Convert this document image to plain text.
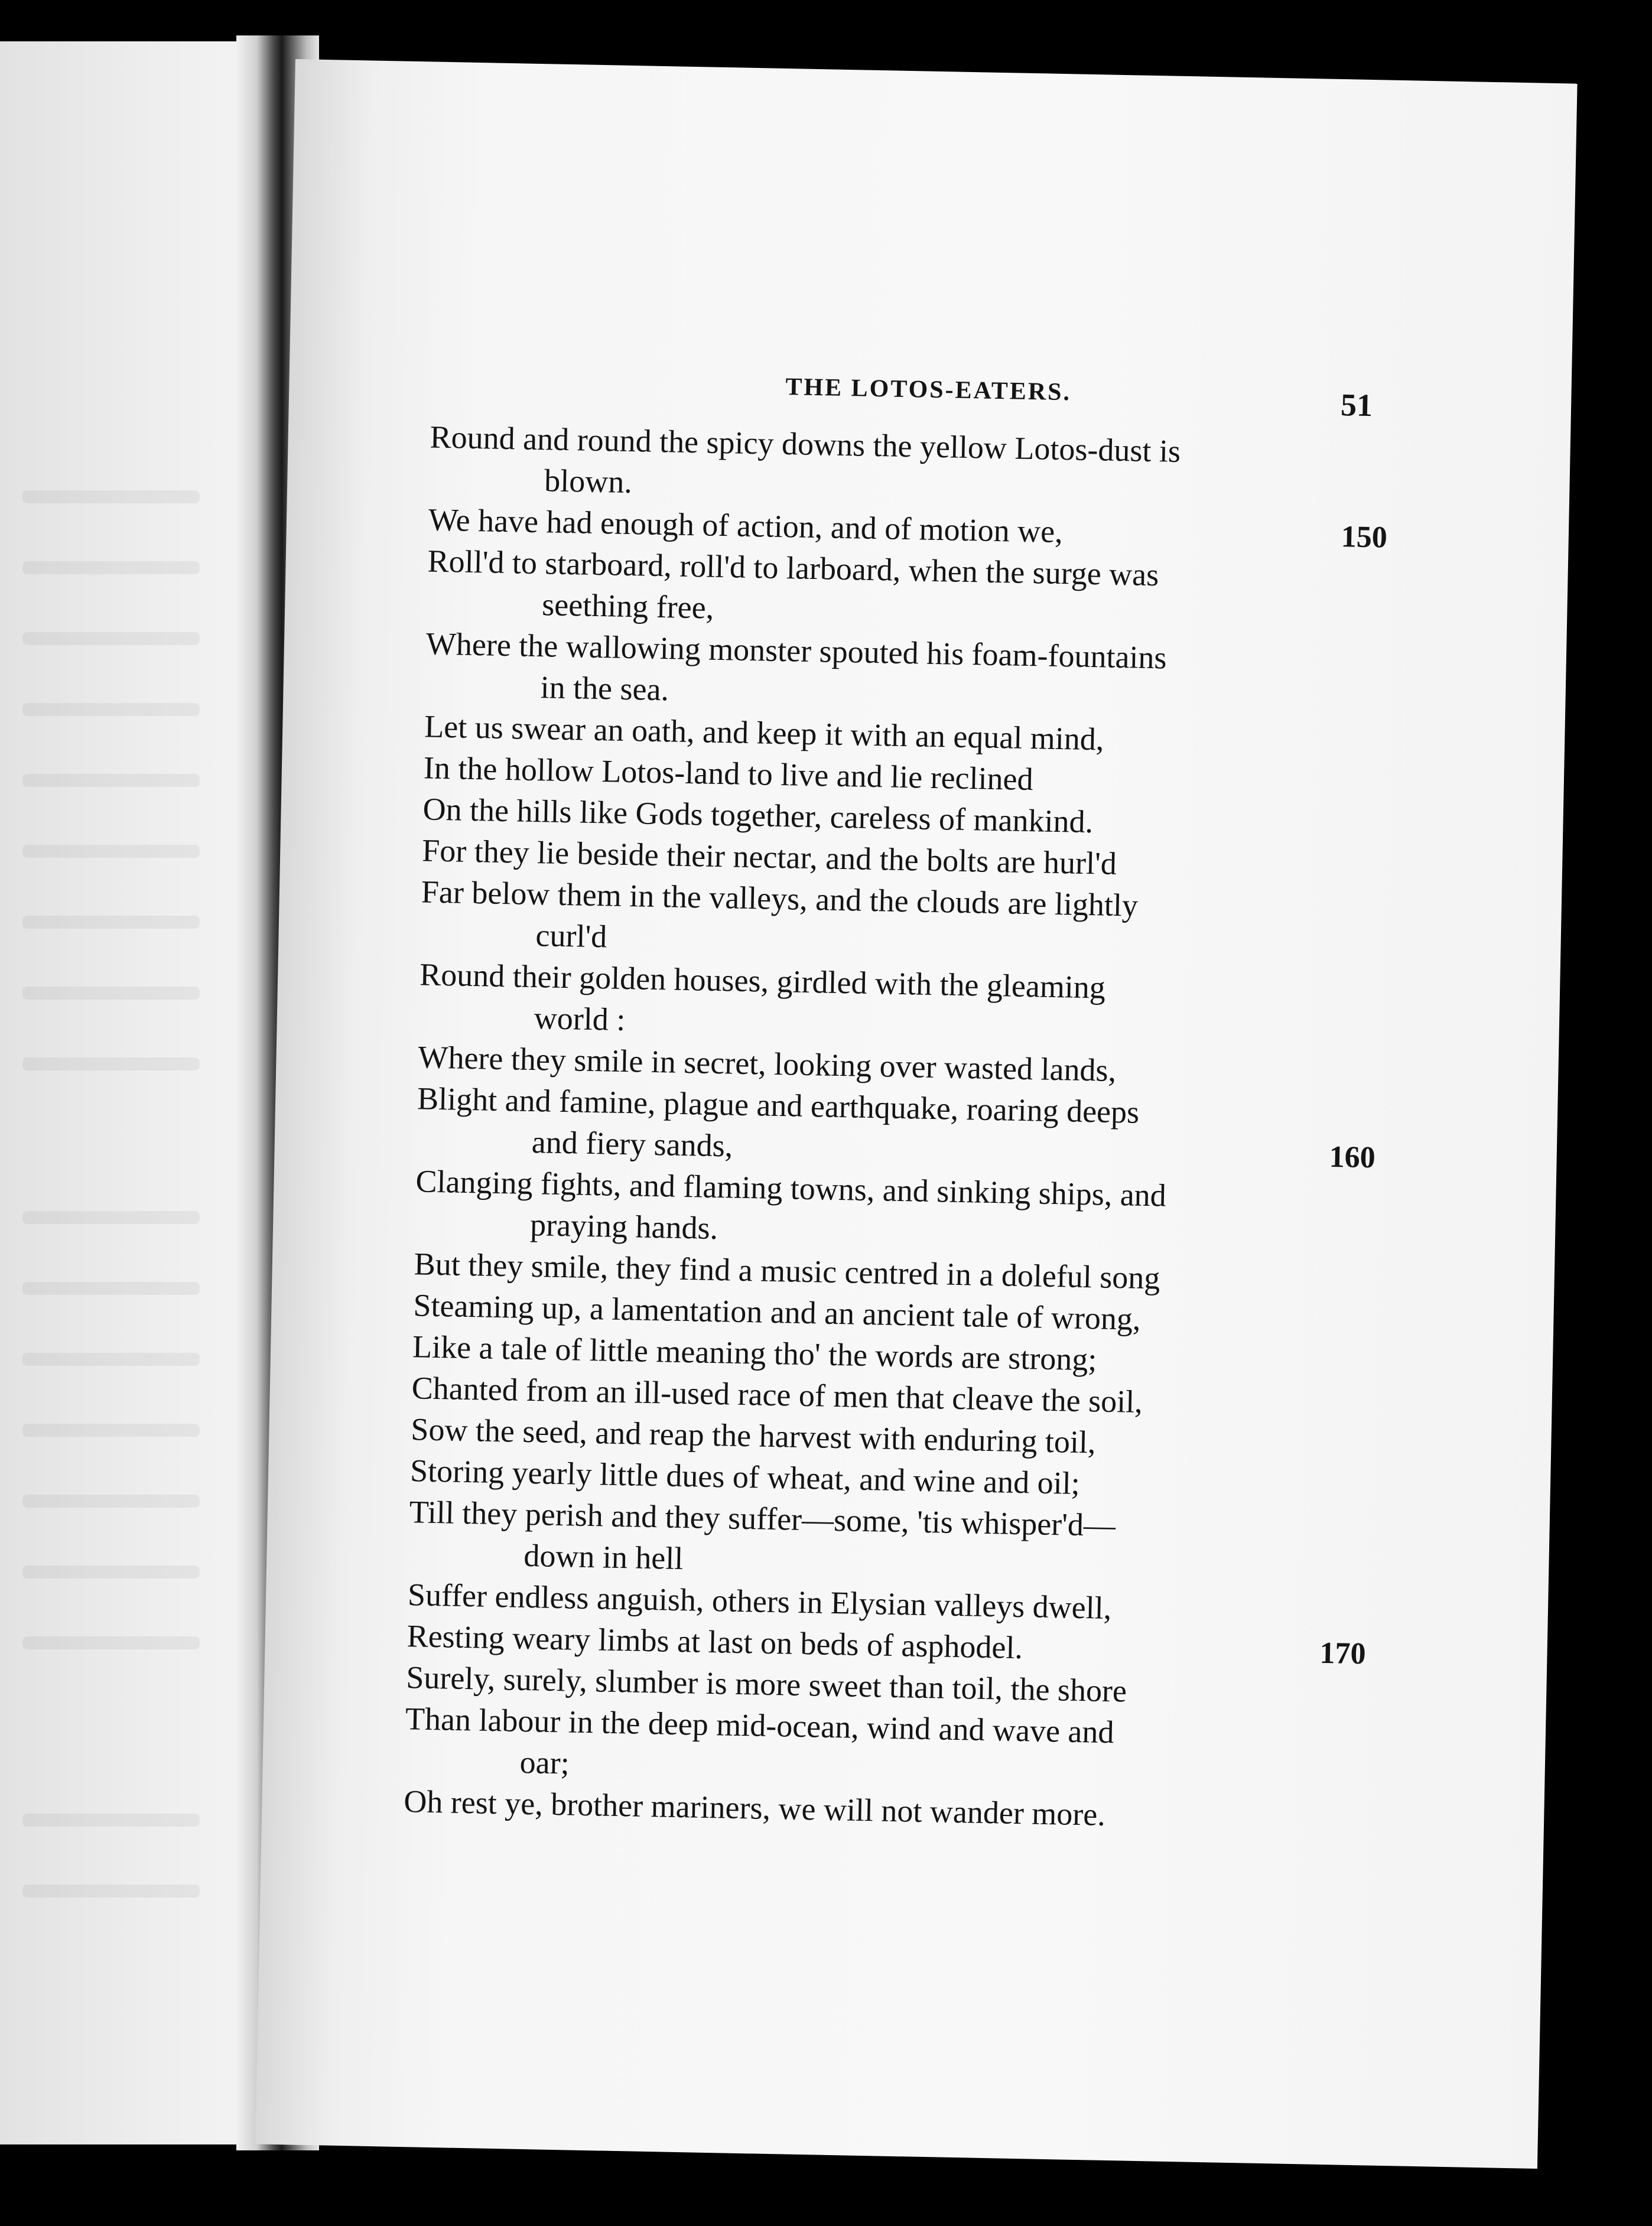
THE LOTOS-EATERS.	51
Round and round the spicy downs the yellow Lotos-dust is
blown.
We have had enough of action, and of motion we,	150
Roll'd to starboard, roll'd to larboard, when the surge was
seething free,
Where the wallowing monster spouted his foam-fountains
in the sea.
Let us swear an oath, and keep it with an equal mind,
In the hollow Lotos-land to live and lie reclined
On the hills like Gods together, careless of mankind.
For they lie beside their nectar, and the bolts are hurl'd
Far below them in the valleys, and the clouds are lightly
curl'd
Round their golden houses, girdled with the gleaming
world :
Where they smile in secret, looking over wasted lands,
Blight and famine, plague and earthquake, roaring deeps
and fiery sands,	160
Clanging fights, and flaming towns, and sinking ships, and
praying hands.
But they smile, they find a music centred in a doleful song
Steaming up, a lamentation and an ancient tale of wrong,
Like a tale of little meaning tho' the words are strong;
Chanted from an ill-used race of men that cleave the soil,
Sow the seed, and reap the harvest with enduring toil,
Storing yearly little dues of wheat, and wine and oil;
Till they perish and they suffer—some, 'tis whisper'd—
down in hell
Suffer endless anguish, others in Elysian valleys dwell,
Resting weary limbs at last on beds of asphodel.	170
Surely, surely, slumber is more sweet than toil, the shore
Than labour in the deep mid-ocean, wind and wave and
oar;
Oh rest ye, brother mariners, we will not wander more.
